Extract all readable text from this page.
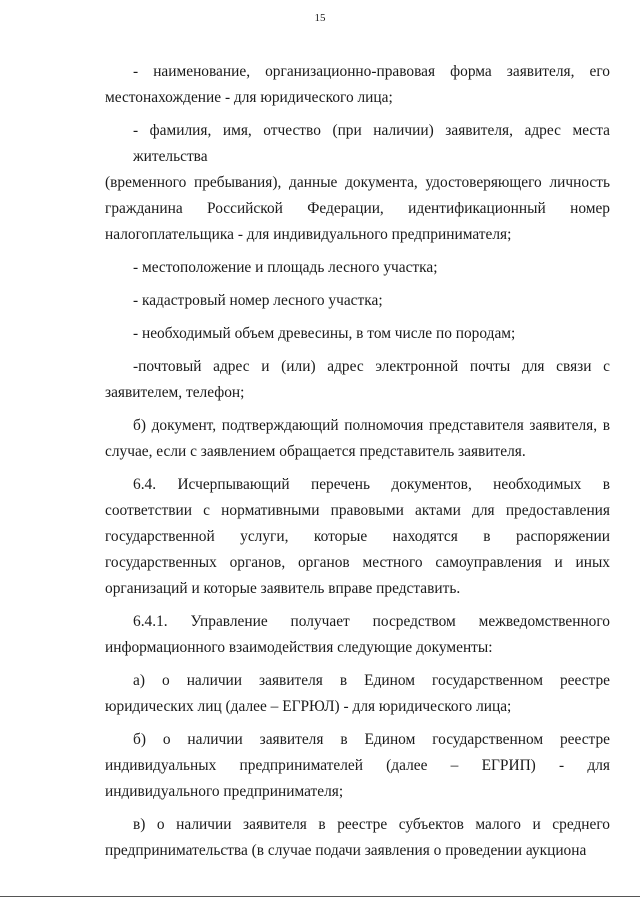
15
- наименование, организационно-правовая форма заявителя, его
местонахождение - для юридического лица;
- фамилия, имя, отчество (при наличии) заявителя, адрес места жительства
(временного пребывания), данные документа, удостоверяющего личность
гражданина Российской Федерации, идентификационный номер
налогоплательщика - для индивидуального предпринимателя;
- местоположение и площадь лесного участка;
- кадастровый номер лесного участка;
- необходимый объем древесины, в том числе по породам;
-почтовый адрес и (или) адрес электронной почты для связи с
заявителем, телефон;
б) документ, подтверждающий полномочия представителя заявителя, в
случае, если с заявлением обращается представитель заявителя.
6.4. Исчерпывающий перечень документов, необходимых в
соответствии с нормативными правовыми актами для предоставления
государственной услуги, которые находятся в распоряжении
государственных органов, органов местного самоуправления и иных
организаций и которые заявитель вправе представить.
6.4.1. Управление получает посредством межведомственного
информационного взаимодействия следующие документы:
а) о наличии заявителя в Едином государственном реестре
юридических лиц (далее – ЕГРЮЛ) - для юридического лица;
б) о наличии заявителя в Едином государственном реестре
индивидуальных предпринимателей (далее – ЕГРИП) - для
индивидуального предпринимателя;
в) о наличии заявителя в реестре субъектов малого и среднего
предпринимательства (в случае подачи заявления о проведении аукциона
